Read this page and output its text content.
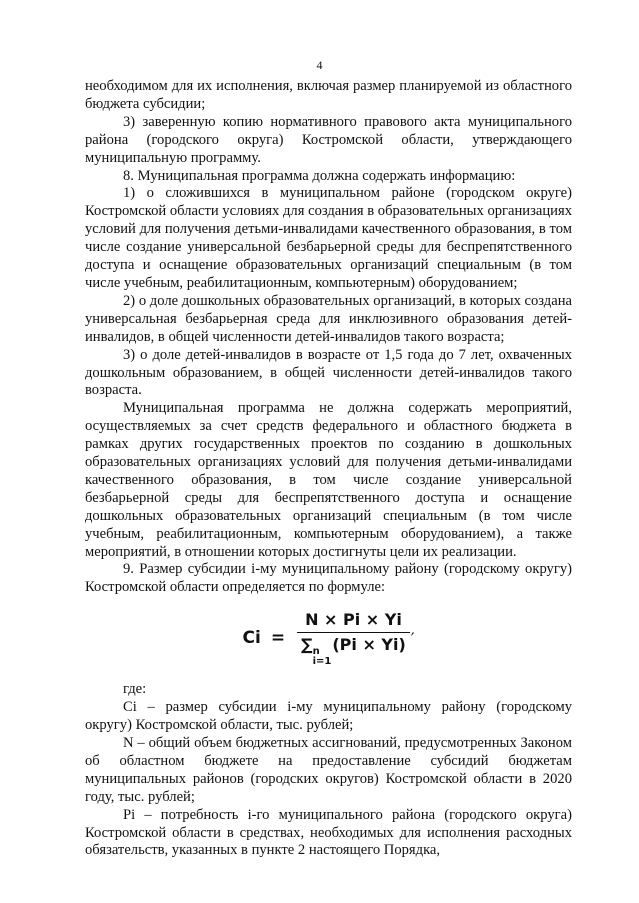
4

необходимом для их исполнения, включая размер планируемой из областного бюджета субсидии;

3) заверенную копию нормативного правового акта муниципального района (городского округа) Костромской области, утверждающего муниципальную программу.

8. Муниципальная программа должна содержать информацию:

1) о сложившихся в муниципальном районе (городском округе) Костромской области условиях для создания в образовательных организациях условий для получения детьми-инвалидами качественного образования, в том числе создание универсальной безбарьерной среды для беспрепятственного доступа и оснащение образовательных организаций специальным (в том числе учебным, реабилитационным, компьютерным) оборудованием;

2) о доле дошкольных образовательных организаций, в которых создана универсальная безбарьерная среда для инклюзивного образования детей-инвалидов, в общей численности детей-инвалидов такого возраста;

3) о доле детей-инвалидов в возрасте от 1,5 года до 7 лет, охваченных дошкольным образованием, в общей численности детей-инвалидов такого возраста.

Муниципальная программа не должна содержать мероприятий, осуществляемых за счет средств федерального и областного бюджета в рамках других государственных проектов по созданию в дошкольных образовательных организациях условий для получения детьми-инвалидами качественного образования, в том числе создание универсальной безбарьерной среды для беспрепятственного доступа и оснащение дошкольных образовательных организаций специальным (в том числе учебным, реабилитационным, компьютерным оборудованием), а также мероприятий, в отношении которых достигнуты цели их реализации.

9. Размер субсидии i-му муниципальному району (городскому округу) Костромской области определяется по формуле:

Ci = N × Pi × Yi
∑ n
i=1
(Pi × Yi) ′

где:

Ci – размер субсидии i-му муниципальному району (городскому округу) Костромской области, тыс. рублей;

N – общий объем бюджетных ассигнований, предусмотренных Законом об областном бюджете на предоставление субсидий бюджетам муниципальных районов (городских округов) Костромской области в 2020 году, тыс. рублей;

Pi – потребность i-го муниципального района (городского округа) Костромской области в средствах, необходимых для исполнения расходных обязательств, указанных в пункте 2 настоящего Порядка,
